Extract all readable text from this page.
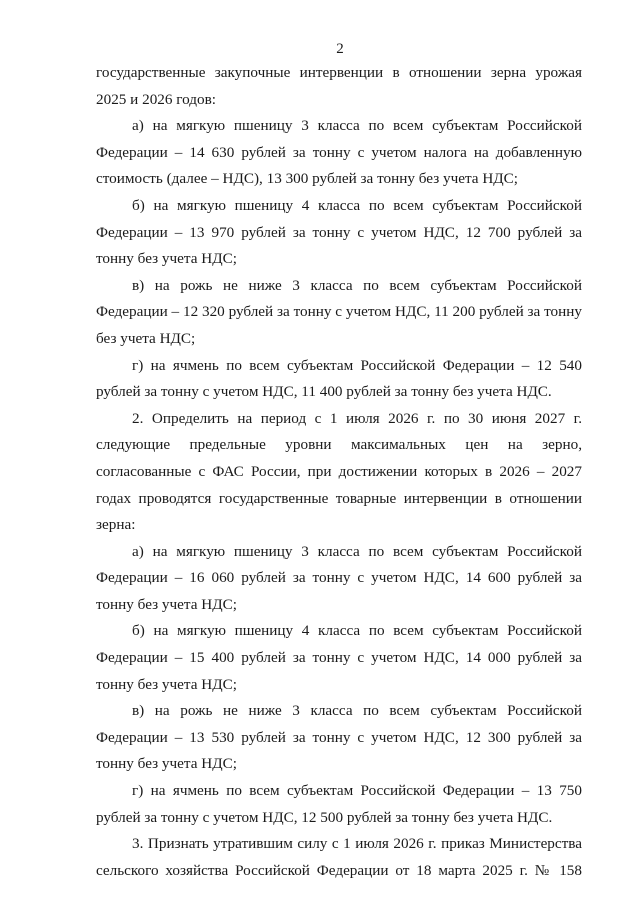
2

государственные закупочные интервенции в отношении зерна урожая 2025 и 2026 годов:

а) на мягкую пшеницу 3 класса по всем субъектам Российской Федерации – 14 630 рублей за тонну с учетом налога на добавленную стоимость (далее – НДС), 13 300 рублей за тонну без учета НДС;

б) на мягкую пшеницу 4 класса по всем субъектам Российской Федерации – 13 970 рублей за тонну с учетом НДС, 12 700 рублей за тонну без учета НДС;

в) на рожь не ниже 3 класса по всем субъектам Российской Федерации – 12 320 рублей за тонну с учетом НДС, 11 200 рублей за тонну без учета НДС;

г) на ячмень по всем субъектам Российской Федерации – 12 540 рублей за тонну с учетом НДС, 11 400 рублей за тонну без учета НДС.

2. Определить на период с 1 июля 2026 г. по 30 июня 2027 г. следующие предельные уровни максимальных цен на зерно, согласованные с ФАС России, при достижении которых в 2026 – 2027 годах проводятся государственные товарные интервенции в отношении зерна:

а) на мягкую пшеницу 3 класса по всем субъектам Российской Федерации – 16 060 рублей за тонну с учетом НДС, 14 600 рублей за тонну без учета НДС;

б) на мягкую пшеницу 4 класса по всем субъектам Российской Федерации – 15 400 рублей за тонну с учетом НДС, 14 000 рублей за тонну без учета НДС;

в) на рожь не ниже 3 класса по всем субъектам Российской Федерации – 13 530 рублей за тонну с учетом НДС, 12 300 рублей за тонну без учета НДС;

г) на ячмень по всем субъектам Российской Федерации – 13 750 рублей за тонну с учетом НДС, 12 500 рублей за тонну без учета НДС.

3. Признать утратившим силу с 1 июля 2026 г. приказ Министерства сельского хозяйства Российской Федерации от 18 марта 2025 г. № 158
